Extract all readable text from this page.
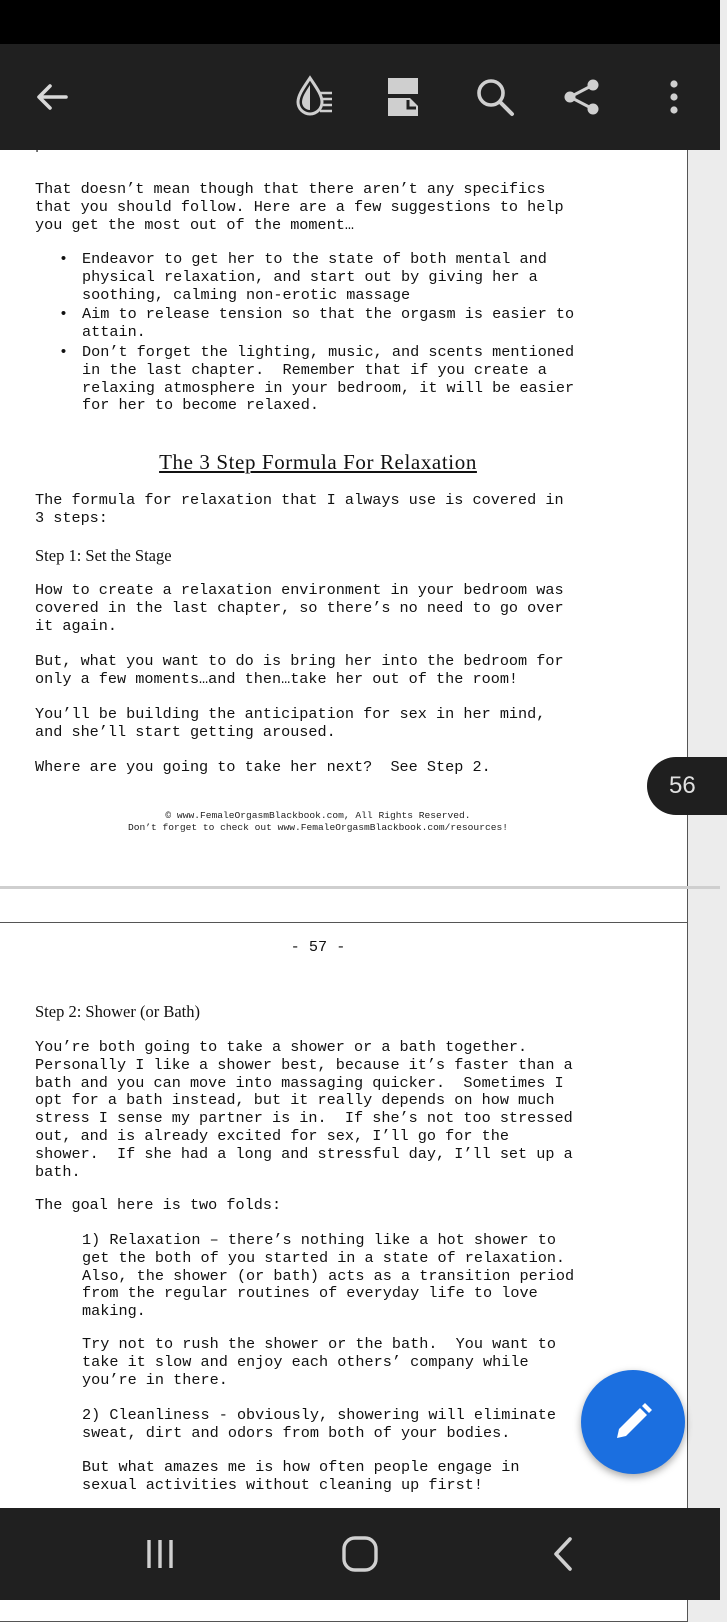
That doesn’t mean though that there aren’t any specifics
that you should follow. Here are a few suggestions to help
you get the most out of the moment…
• Endeavor to get her to the state of both mental and
physical relaxation, and start out by giving her a
soothing, calming non-erotic massage
• Aim to release tension so that the orgasm is easier to
attain.
• Don’t forget the lighting, music, and scents mentioned
in the last chapter.  Remember that if you create a
relaxing atmosphere in your bedroom, it will be easier
for her to become relaxed.
The 3 Step Formula For Relaxation
The formula for relaxation that I always use is covered in
3 steps:
Step 1: Set the Stage
How to create a relaxation environment in your bedroom was
covered in the last chapter, so there’s no need to go over
it again.
But, what you want to do is bring her into the bedroom for
only a few moments…and then…take her out of the room!
You’ll be building the anticipation for sex in her mind,
and she’ll start getting aroused.
Where are you going to take her next?  See Step 2.
© www.FemaleOrgasmBlackbook.com, All Rights Reserved.
Don’t forget to check out www.FemaleOrgasmBlackbook.com/resources!
- 57 -
Step 2: Shower (or Bath)
You’re both going to take a shower or a bath together.
Personally I like a shower best, because it’s faster than a
bath and you can move into massaging quicker.  Sometimes I
opt for a bath instead, but it really depends on how much
stress I sense my partner is in.  If she’s not too stressed
out, and is already excited for sex, I’ll go for the
shower.  If she had a long and stressful day, I’ll set up a
bath.
The goal here is two folds:
1) Relaxation – there’s nothing like a hot shower to
get the both of you started in a state of relaxation.
Also, the shower (or bath) acts as a transition period
from the regular routines of everyday life to love
making.
Try not to rush the shower or the bath.  You want to
take it slow and enjoy each others’ company while
you’re in there.
2) Cleanliness - obviously, showering will eliminate
sweat, dirt and odors from both of your bodies.
But what amazes me is how often people engage in
sexual activities without cleaning up first!
56
